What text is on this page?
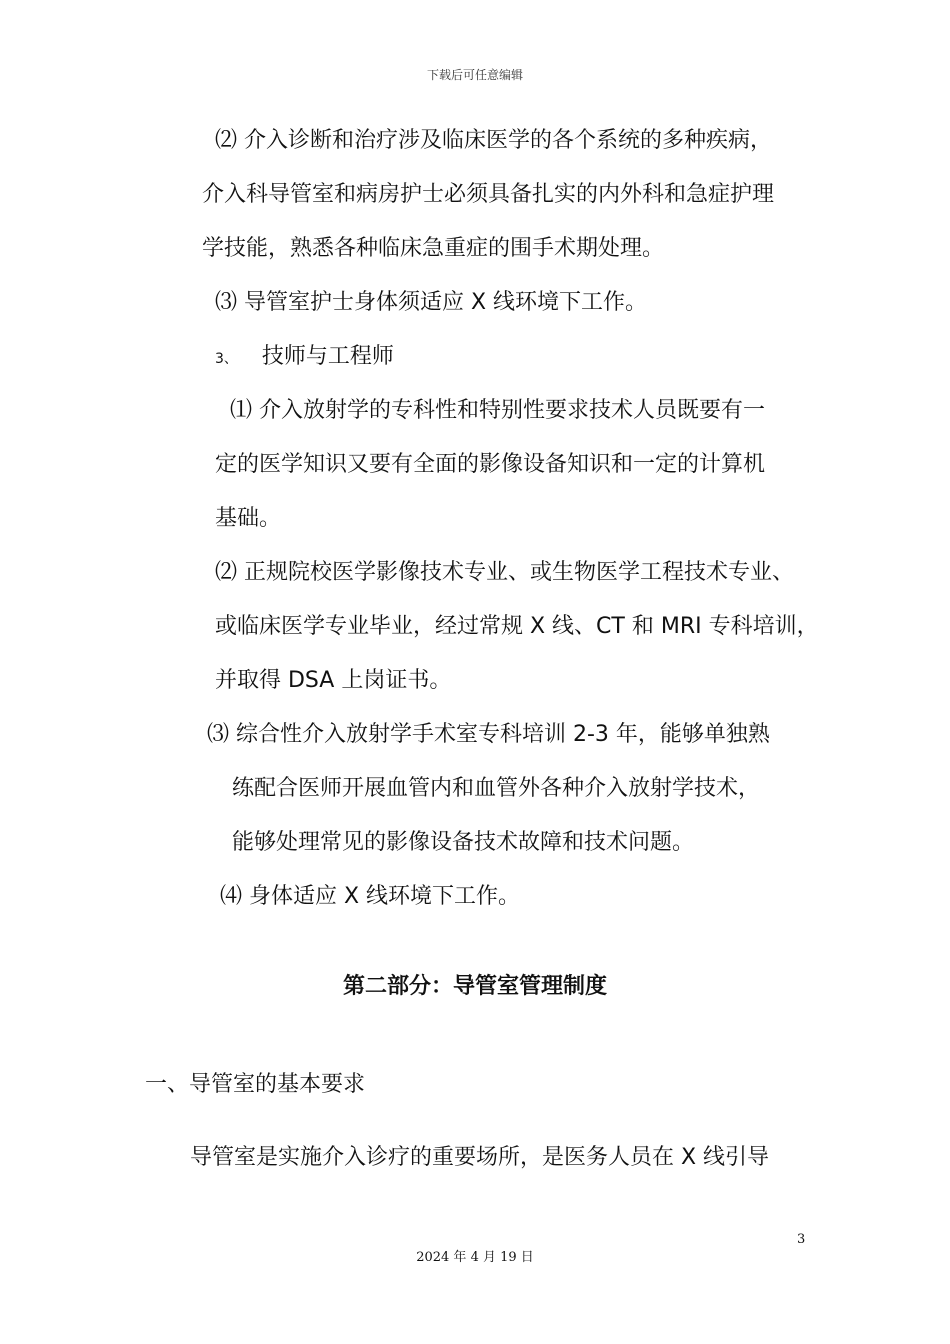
下载后可任意编辑
⑵ 介入诊断和治疗涉及临床医学的各个系统的多种疾病，
介入科导管室和病房护士必须具备扎实的内外科和急症护理
学技能，熟悉各种临床急重症的围手术期处理。
⑶ 导管室护士身体须适应 X 线环境下工作。
3、 技师与工程师
⑴ 介入放射学的专科性和特别性要求技术人员既要有一
定的医学知识又要有全面的影像设备知识和一定的计算机
基础。
⑵ 正规院校医学影像技术专业、或生物医学工程技术专业、
或临床医学专业毕业，经过常规 X 线、CT 和 MRI 专科培训，
并取得 DSA 上岗证书。
⑶ 综合性介入放射学手术室专科培训 2-3 年，能够单独熟
练配合医师开展血管内和血管外各种介入放射学技术，
能够处理常见的影像设备技术故障和技术问题。
⑷ 身体适应 X 线环境下工作。
第二部分：导管室管理制度
一、导管室的基本要求
导管室是实施介入诊疗的重要场所，是医务人员在 X 线引导
3
2024 年 4 月 19 日
